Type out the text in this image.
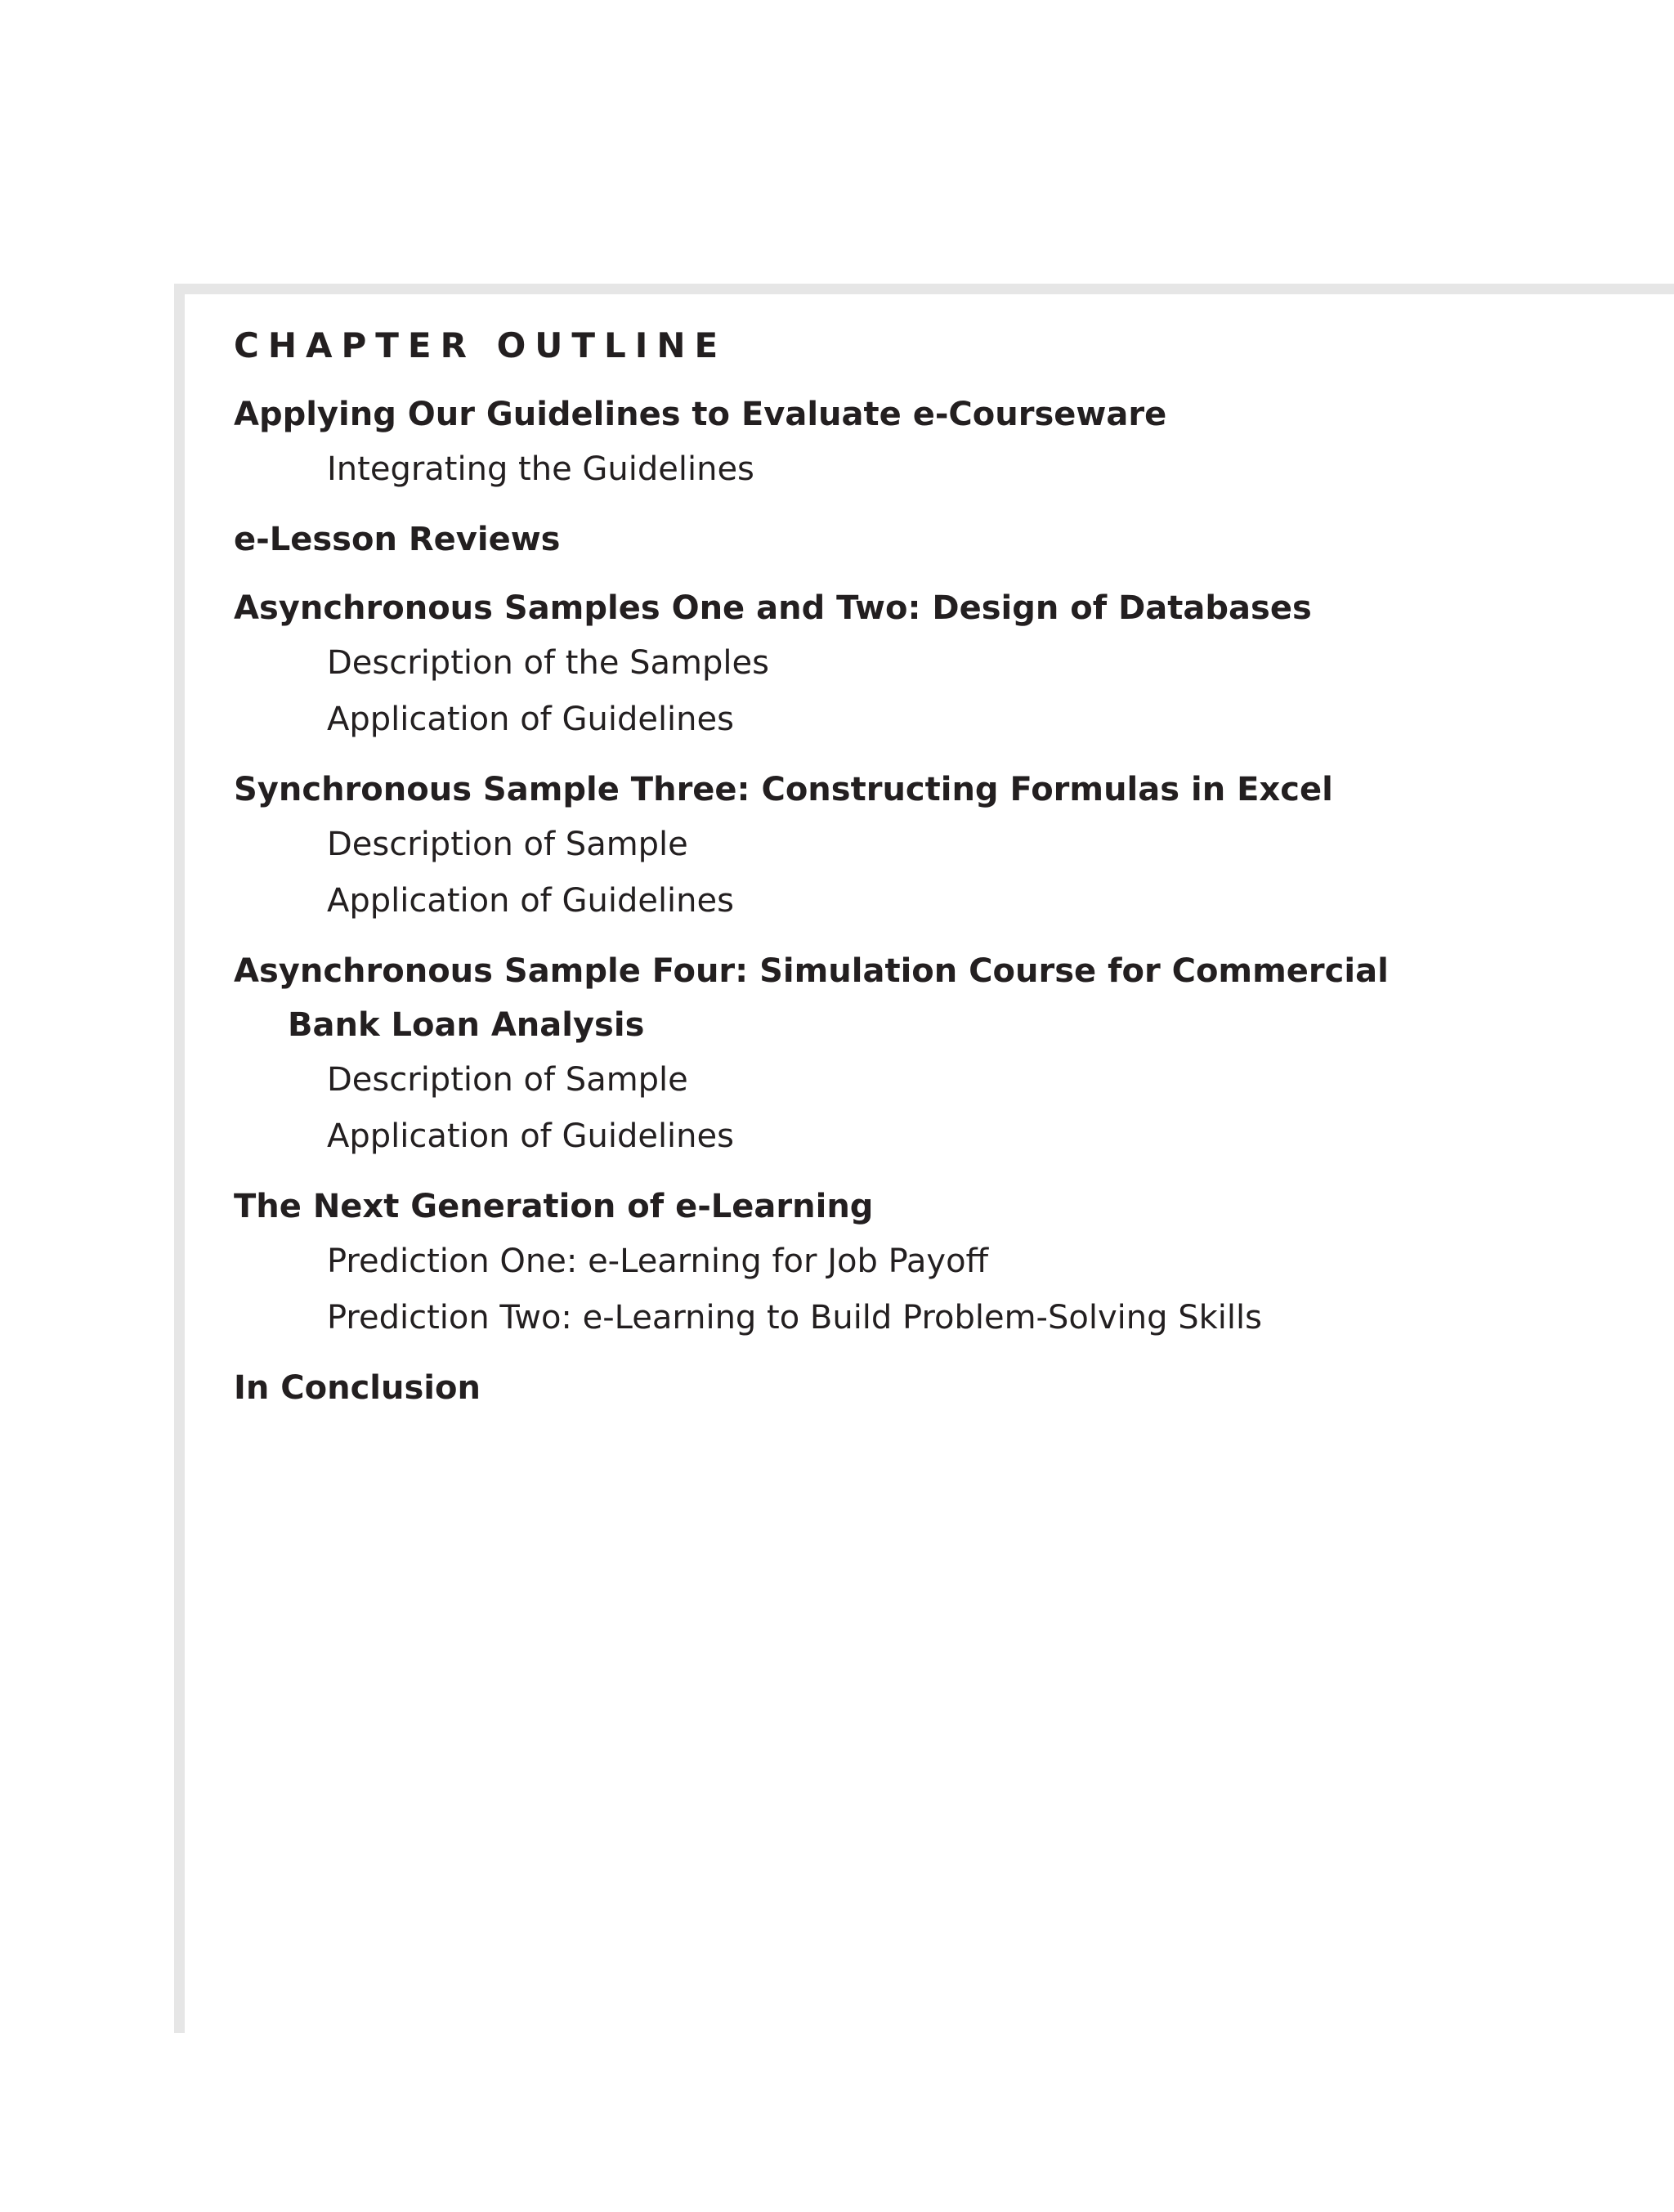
CHAPTER OUTLINE
Applying Our Guidelines to Evaluate e-Courseware
Integrating the Guidelines
e-Lesson Reviews
Asynchronous Samples One and Two: Design of Databases
Description of the Samples
Application of Guidelines
Synchronous Sample Three: Constructing Formulas in Excel
Description of Sample
Application of Guidelines
Asynchronous Sample Four: Simulation Course for Commercial
Bank Loan Analysis
Description of Sample
Application of Guidelines
The Next Generation of e-Learning
Prediction One: e-Learning for Job Payoff
Prediction Two: e-Learning to Build Problem-Solving Skills
In Conclusion
